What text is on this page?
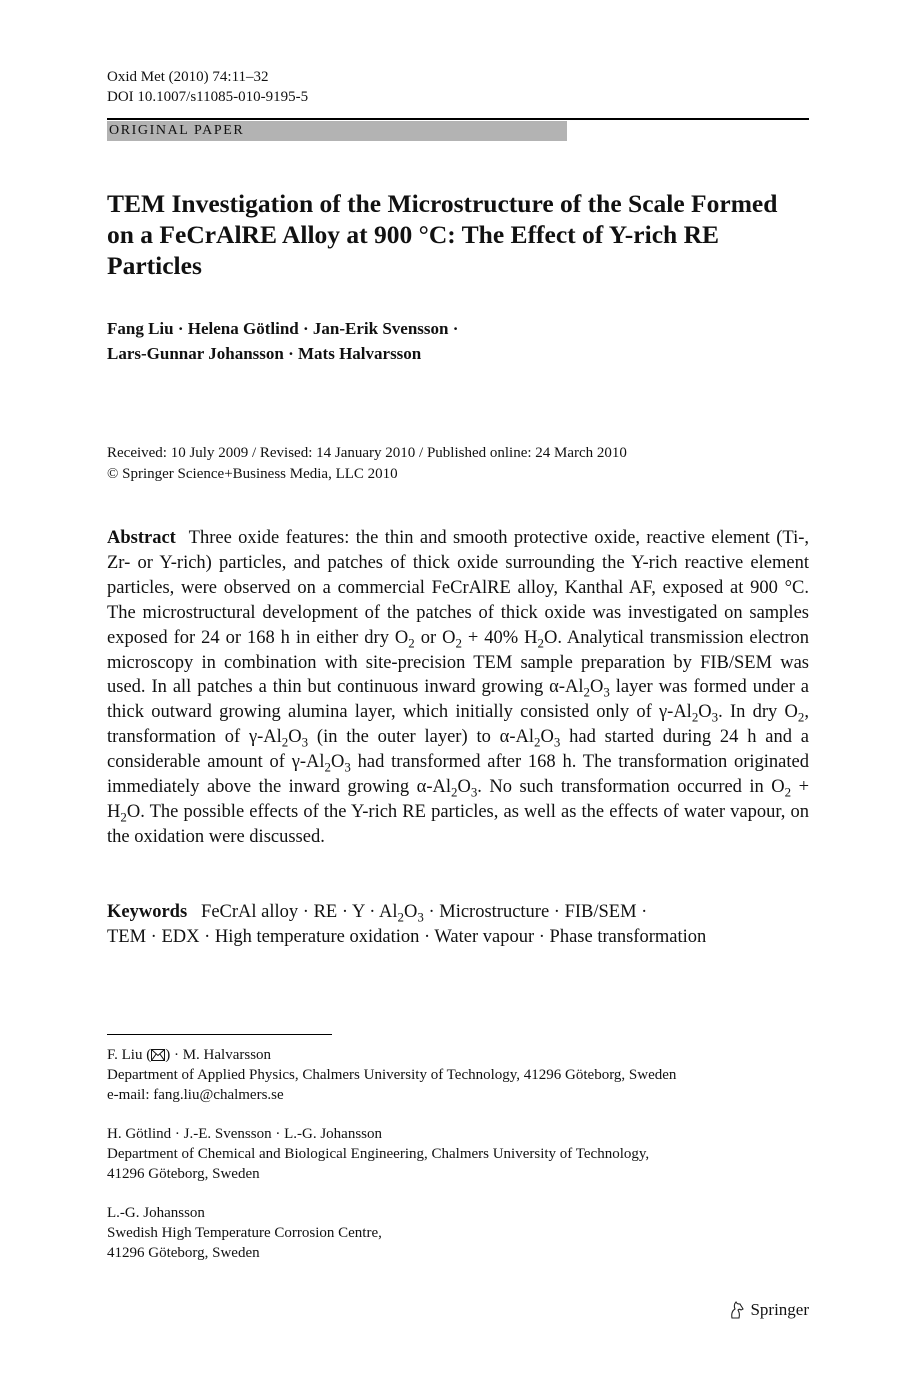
Oxid Met (2010) 74:11–32
DOI 10.1007/s11085-010-9195-5
ORIGINAL PAPER
TEM Investigation of the Microstructure of the Scale Formed on a FeCrAlRE Alloy at 900 °C: The Effect of Y-rich RE Particles
Fang Liu · Helena Götlind · Jan-Erik Svensson ·
Lars-Gunnar Johansson · Mats Halvarsson
Received: 10 July 2009 / Revised: 14 January 2010 / Published online: 24 March 2010
© Springer Science+Business Media, LLC 2010

Abstract Three oxide features: the thin and smooth protective oxide, reactive element (Ti-, Zr- or Y-rich) particles, and patches of thick oxide surrounding the Y-rich reactive element particles, were observed on a commercial FeCrAlRE alloy, Kanthal AF, exposed at 900 °C. The microstructural development of the patches of thick oxide was investigated on samples exposed for 24 or 168 h in either dry $O_2$ or $O_2 + 40\%$ $H_2O$. Analytical transmission electron microscopy in combination with site-precision TEM sample preparation by FIB/SEM was used. In all patches a thin but continuous inward growing $\alpha-Al_2O_3$ layer was formed under a thick outward growing alumina layer, which initially consisted only of $\gamma-Al_2O_3$. In dry $O_2$, transformation of $\gamma-Al_2O_3$ (in the outer layer) to $\alpha-Al_2O_3$ had started during 24 h and a considerable amount of $\gamma-Al_2O_3$ had transformed after 168 h. The transformation originated immediately above the inward growing $\alpha-Al_2O_3$. No such transformation occurred in $O_2 + H_2O$. The possible effects of the Y-rich RE particles, as well as the effects of water vapour, on the oxidation were discussed.

Keywords FeCrAl alloy · RE · $Y \cdot Al_2O_3$ · Microstructure · FIB/SEM ·
TEM · EDX · High temperature oxidation · Water vapour · Phase transformation

F. Liu ( ) · M. Halvarsson
Department of Applied Physics, Chalmers University of Technology, 41296 Göteborg, Sweden
e-mail: fang.liu@chalmers.se
H. Götlind · J.-E. Svensson · L.-G. Johansson
Department of Chemical and Biological Engineering, Chalmers University of Technology,
41296 Göteborg, Sweden
L.-G. Johansson
Swedish High Temperature Corrosion Centre,
41296 Göteborg, Sweden
Springer
